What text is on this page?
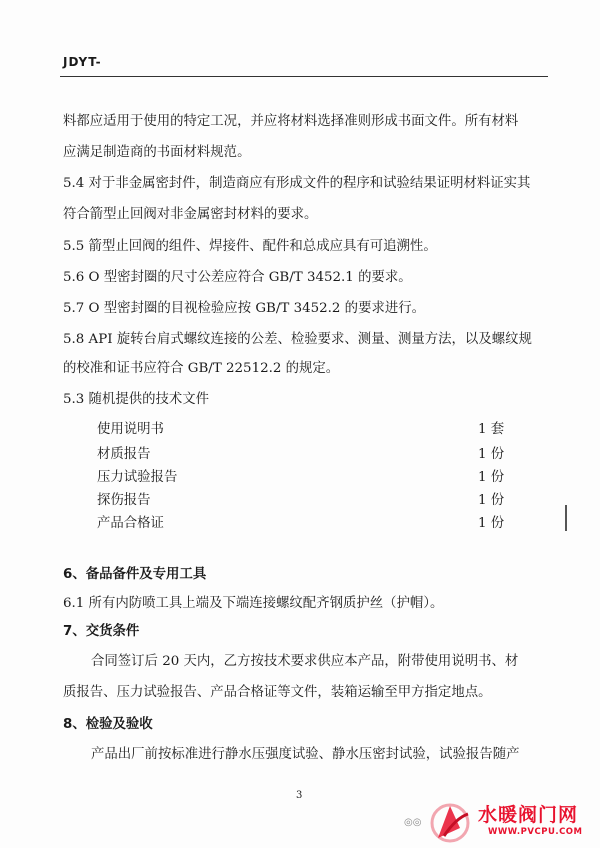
JDYT-
料都应适用于使用的特定工况，并应将材料选择准则形成书面文件。所有材料
应满足制造商的书面材料规范。
5.4 对于非金属密封件，制造商应有形成文件的程序和试验结果证明材料证实其
符合箭型止回阀对非金属密封材料的要求。
5.5 箭型止回阀的组件、焊接件、配件和总成应具有可追溯性。
5.6 O 型密封圈的尺寸公差应符合 GB/T 3452.1 的要求。
5.7 O 型密封圈的目视检验应按 GB/T 3452.2 的要求进行。
5.8 API 旋转台肩式螺纹连接的公差、检验要求、测量、测量方法，以及螺纹规
的校准和证书应符合 GB/T 22512.2 的规定。
5.3 随机提供的技术文件
使用说明书	1 套
材质报告	1 份
压力试验报告	1 份
探伤报告	1 份
产品合格证	1 份
6、备品备件及专用工具
6.1 所有内防喷工具上端及下端连接螺纹配齐钢质护丝（护帽）。
7、交货条件
合同签订后 20 天内，乙方按技术要求供应本产品，附带使用说明书、材
质报告、压力试验报告、产品合格证等文件，装箱运输至甲方指定地点。
8、检验及验收
产品出厂前按标准进行静水压强度试验、静水压密封试验，试验报告随产
3
◎◎	水暖阀门网
WWW.PVCPU.COM
